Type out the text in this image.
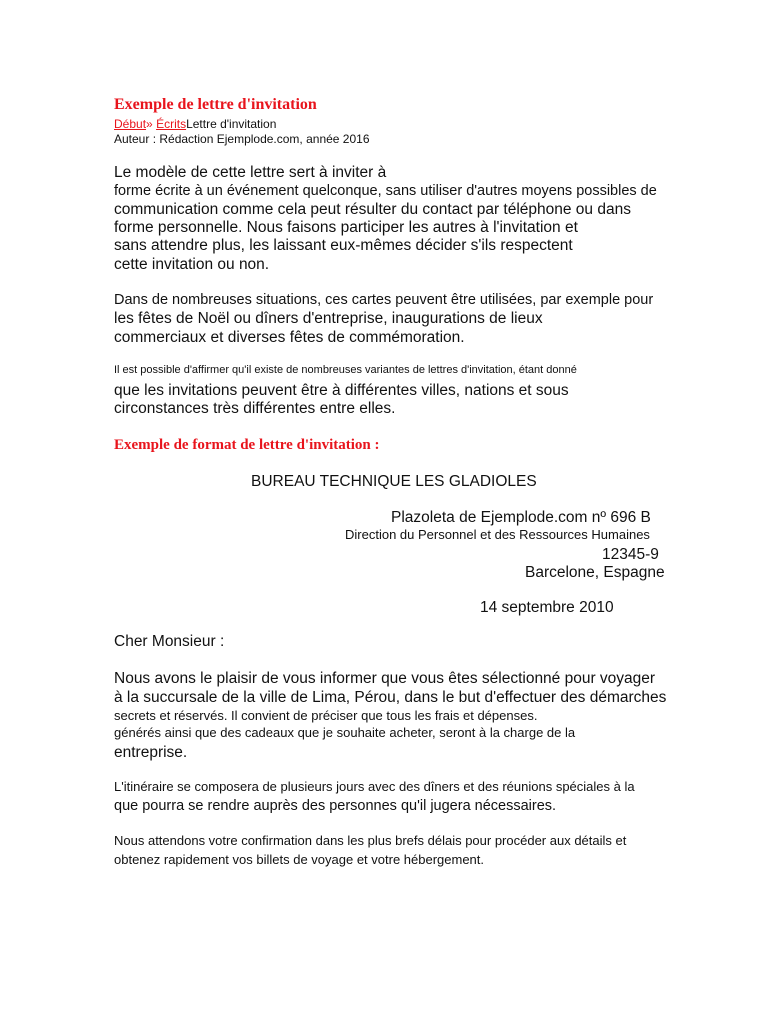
Exemple de lettre d'invitation
Début» ÉcritsLettre d'invitation
Auteur : Rédaction Ejemplode.com, année 2016
Le modèle de cette lettre sert à inviter à
forme écrite à un événement quelconque, sans utiliser d'autres moyens possibles de
communication comme cela peut résulter du contact par téléphone ou dans
forme personnelle. Nous faisons participer les autres à l'invitation et
sans attendre plus, les laissant eux-mêmes décider s'ils respectent
cette invitation ou non.
Dans de nombreuses situations, ces cartes peuvent être utilisées, par exemple pour
les fêtes de Noël ou dîners d'entreprise, inaugurations de lieux
commerciaux et diverses fêtes de commémoration.
Il est possible d'affirmer qu'il existe de nombreuses variantes de lettres d'invitation, étant donné
que les invitations peuvent être à différentes villes, nations et sous
circonstances très différentes entre elles.
Exemple de format de lettre d'invitation :
BUREAU TECHNIQUE LES GLADIOLES
Plazoleta de Ejemplode.com nº 696 B
Direction du Personnel et des Ressources Humaines
12345-9
Barcelone, Espagne
14 septembre 2010
Cher Monsieur :
Nous avons le plaisir de vous informer que vous êtes sélectionné pour voyager
à la succursale de la ville de Lima, Pérou, dans le but d'effectuer des démarches
secrets et réservés. Il convient de préciser que tous les frais et dépenses.
générés ainsi que des cadeaux que je souhaite acheter, seront à la charge de la
entreprise.
L'itinéraire se composera de plusieurs jours avec des dîners et des réunions spéciales à la
que pourra se rendre auprès des personnes qu'il jugera nécessaires.
Nous attendons votre confirmation dans les plus brefs délais pour procéder aux détails et
obtenez rapidement vos billets de voyage et votre hébergement.
